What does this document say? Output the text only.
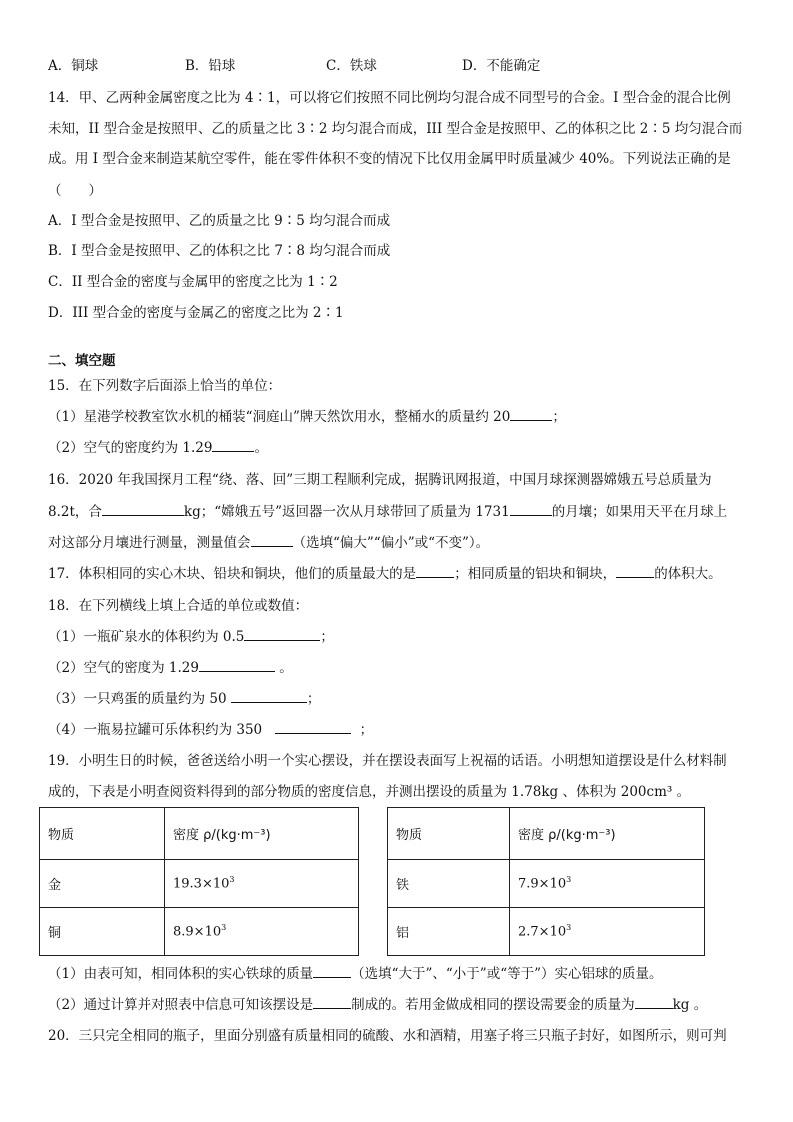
A．铜球	B．铅球	C．铁球	D．不能确定
14．甲、乙两种金属密度之比为 4∶1，可以将它们按照不同比例均匀混合成不同型号的合金。I 型合金的混合比例
未知，II 型合金是按照甲、乙的质量之比 3∶2 均匀混合而成，III 型合金是按照甲、乙的体积之比 2∶5 均匀混合而
成。用 I 型合金来制造某航空零件，能在零件体积不变的情况下比仅用金属甲时质量减少 40%。下列说法正确的是
（　　）
A．I 型合金是按照甲、乙的质量之比 9∶5 均匀混合而成
B．I 型合金是按照甲、乙的体积之比 7∶8 均匀混合而成
C．II 型合金的密度与金属甲的密度之比为 1∶2
D．III 型合金的密度与金属乙的密度之比为 2∶1
二、填空题
15．在下列数字后面添上恰当的单位：
（1）星港学校教室饮水机的桶装“洞庭山”牌天然饮用水，整桶水的质量约 20	；
（2）空气的密度约为 1.29	。
16．2020 年我国探月工程“绕、落、回”三期工程顺利完成，据腾讯网报道，中国月球探测器嫦娥五号总质量为
8.2t，合	kg；“嫦娥五号”返回器一次从月球带回了质量为 1731	的月壤；如果用天平在月球上
对这部分月壤进行测量，测量值会	（选填“偏大”“偏小”或“不变”）。
17．体积相同的实心木块、铅块和铜块，他们的质量最大的是	；相同质量的铝块和铜块，	的体积大。
18．在下列横线上填上合适的单位或数值：
（1）一瓶矿泉水的体积约为 0.5	；
（2）空气的密度为 1.29	。
（3）一只鸡蛋的质量约为 50	；
（4）一瓶易拉罐可乐体积约为 350	；
19．小明生日的时候，爸爸送给小明一个实心摆设，并在摆设表面写上祝福的话语。小明想知道摆设是什么材料制
成的，下表是小明查阅资料得到的部分物质的密度信息，并测出摆设的质量为 1.78kg 、体积为 200cm³ 。
物质	密度 ρ/(kg·m⁻³)
金	$19.3\times 10^3$
铜	$8.9\times 10^3$
物质	密度 ρ/(kg·m⁻³)
铁	$7.9\times 10^3$
铝	$2.7\times 10^3$
（1）由表可知，相同体积的实心铁球的质量	（选填“大于”、“小于”或“等于”）实心铝球的质量。
（2）通过计算并对照表中信息可知该摆设是	制成的。若用金做成相同的摆设需要金的质量为	kg 。
20．三只完全相同的瓶子，里面分别盛有质量相同的硫酸、水和酒精，用塞子将三只瓶子封好，如图所示，则可判
